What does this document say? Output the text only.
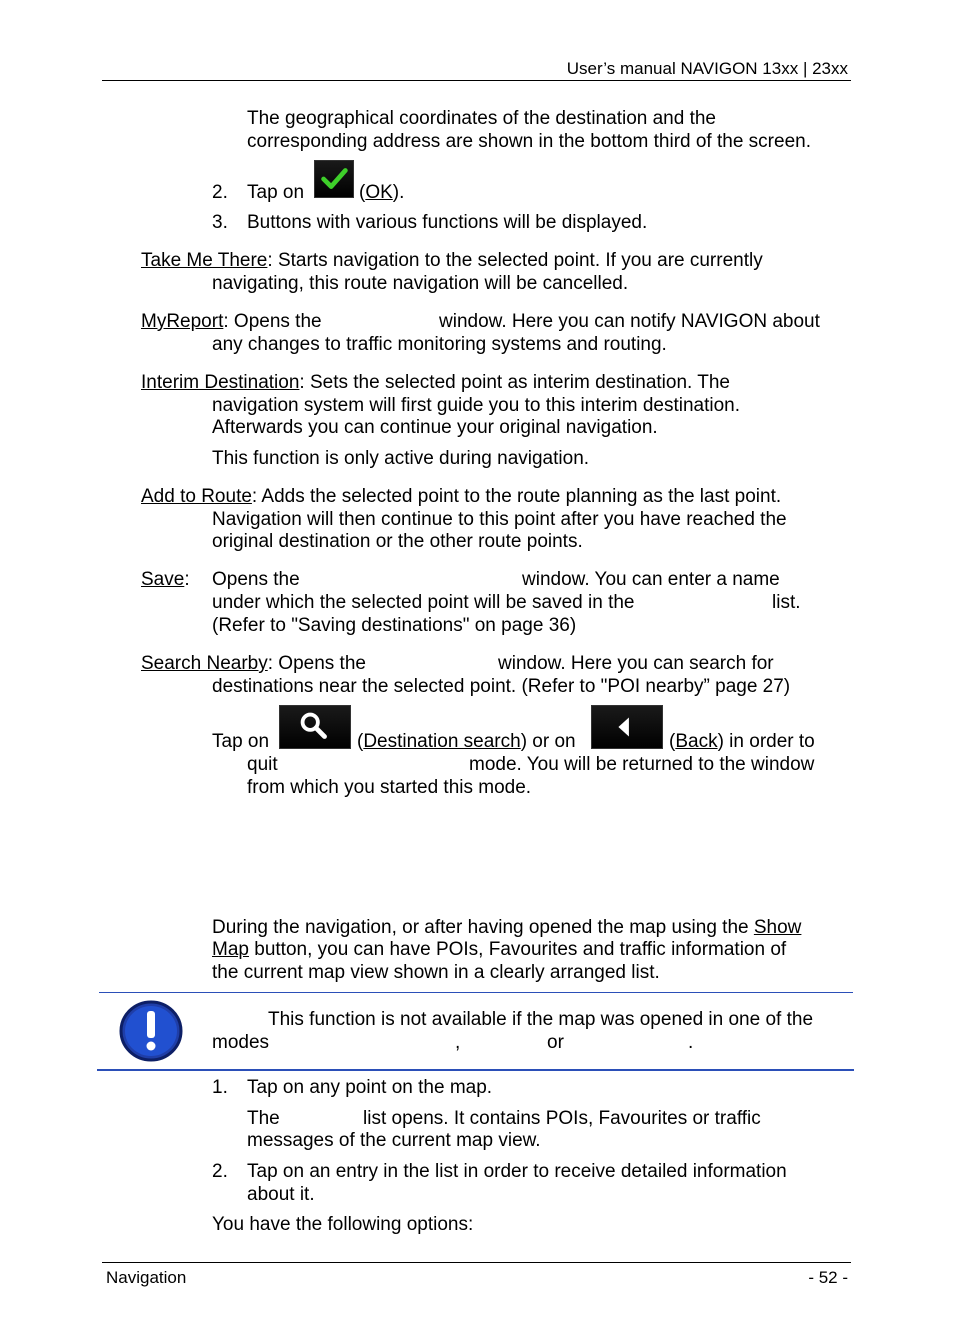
User’s manual NAVIGON 13xx | 23xx
The geographical coordinates of the destination and the
corresponding address are shown in the bottom third of the screen.
2. Tap on	(OK).
3. Buttons with various functions will be displayed.
Take Me There: Starts navigation to the selected point. If you are currently
navigating, this route navigation will be cancelled.
MyReport: Opens the	window. Here you can notify NAVIGON about
any changes to traffic monitoring systems and routing.
Interim Destination: Sets the selected point as interim destination. The
navigation system will first guide you to this interim destination.
Afterwards you can continue your original navigation.
This function is only active during navigation.
Add to Route: Adds the selected point to the route planning as the last point.
Navigation will then continue to this point after you have reached the
original destination or the other route points.
Save: Opens the	window. You can enter a name
under which the selected point will be saved in the	list.
(Refer to "Saving destinations" on page 36)
Search Nearby: Opens the	window. Here you can search for
destinations near the selected point. (Refer to "POI nearby” page 27)
Tap on	(Destination search) or on	(Back) in order to
quit	mode. You will be returned to the window
from which you started this mode.
During the navigation, or after having opened the map using the Show
Map button, you can have POIs, Favourites and traffic information of
the current map view shown in a clearly arranged list.
This function is not available if the map was opened in one of the
modes	,	or	.
1. Tap on any point on the map.
The	list opens. It contains POIs, Favourites or traffic
messages of the current map view.
2. Tap on an entry in the list in order to receive detailed information
about it.
You have the following options:
Navigation	- 52 -
